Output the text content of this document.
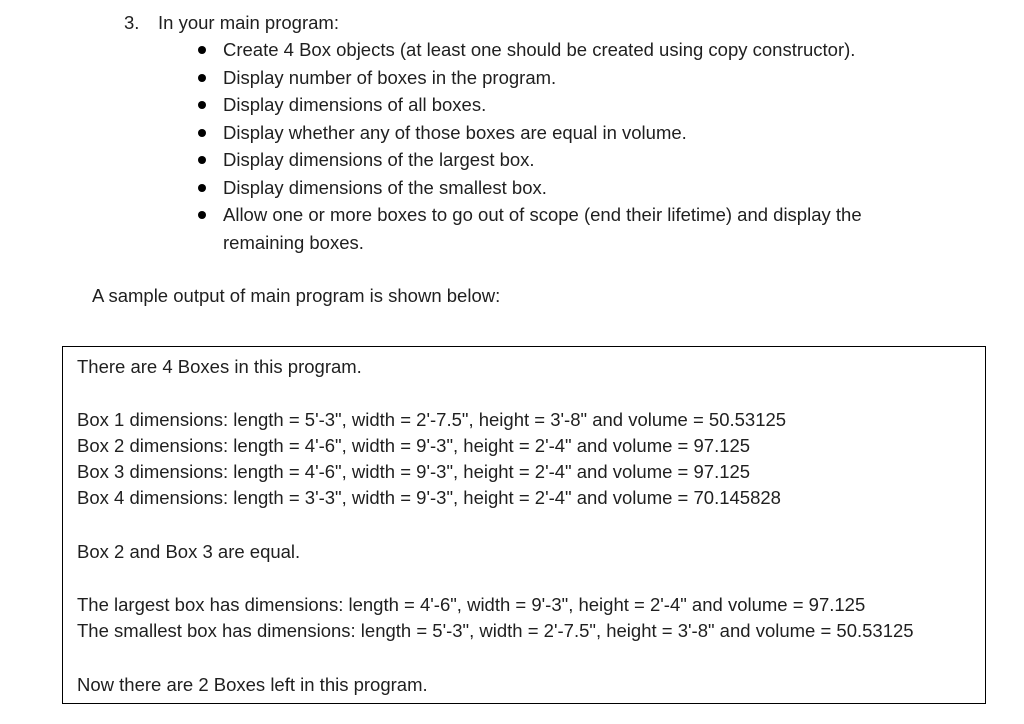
3. In your main program:
Create 4 Box objects (at least one should be created using copy constructor).
Display number of boxes in the program.
Display dimensions of all boxes.
Display whether any of those boxes are equal in volume.
Display dimensions of the largest box.
Display dimensions of the smallest box.
Allow one or more boxes to go out of scope (end their lifetime) and display the remaining boxes.
A sample output of main program is shown below:
There are 4 Boxes in this program.
Box 1 dimensions: length = 5'-3", width = 2'-7.5", height = 3'-8" and volume = 50.53125
Box 2 dimensions: length = 4'-6", width = 9'-3", height = 2'-4" and volume = 97.125
Box 3 dimensions: length = 4'-6", width = 9'-3", height = 2'-4" and volume = 97.125
Box 4 dimensions: length = 3'-3", width = 9'-3", height = 2'-4" and volume = 70.145828
Box 2 and Box 3 are equal.
The largest box has dimensions: length = 4'-6", width = 9'-3", height = 2'-4" and volume = 97.125
The smallest box has dimensions: length = 5'-3", width = 2'-7.5", height = 3'-8" and volume = 50.53125
Now there are 2 Boxes left in this program.
